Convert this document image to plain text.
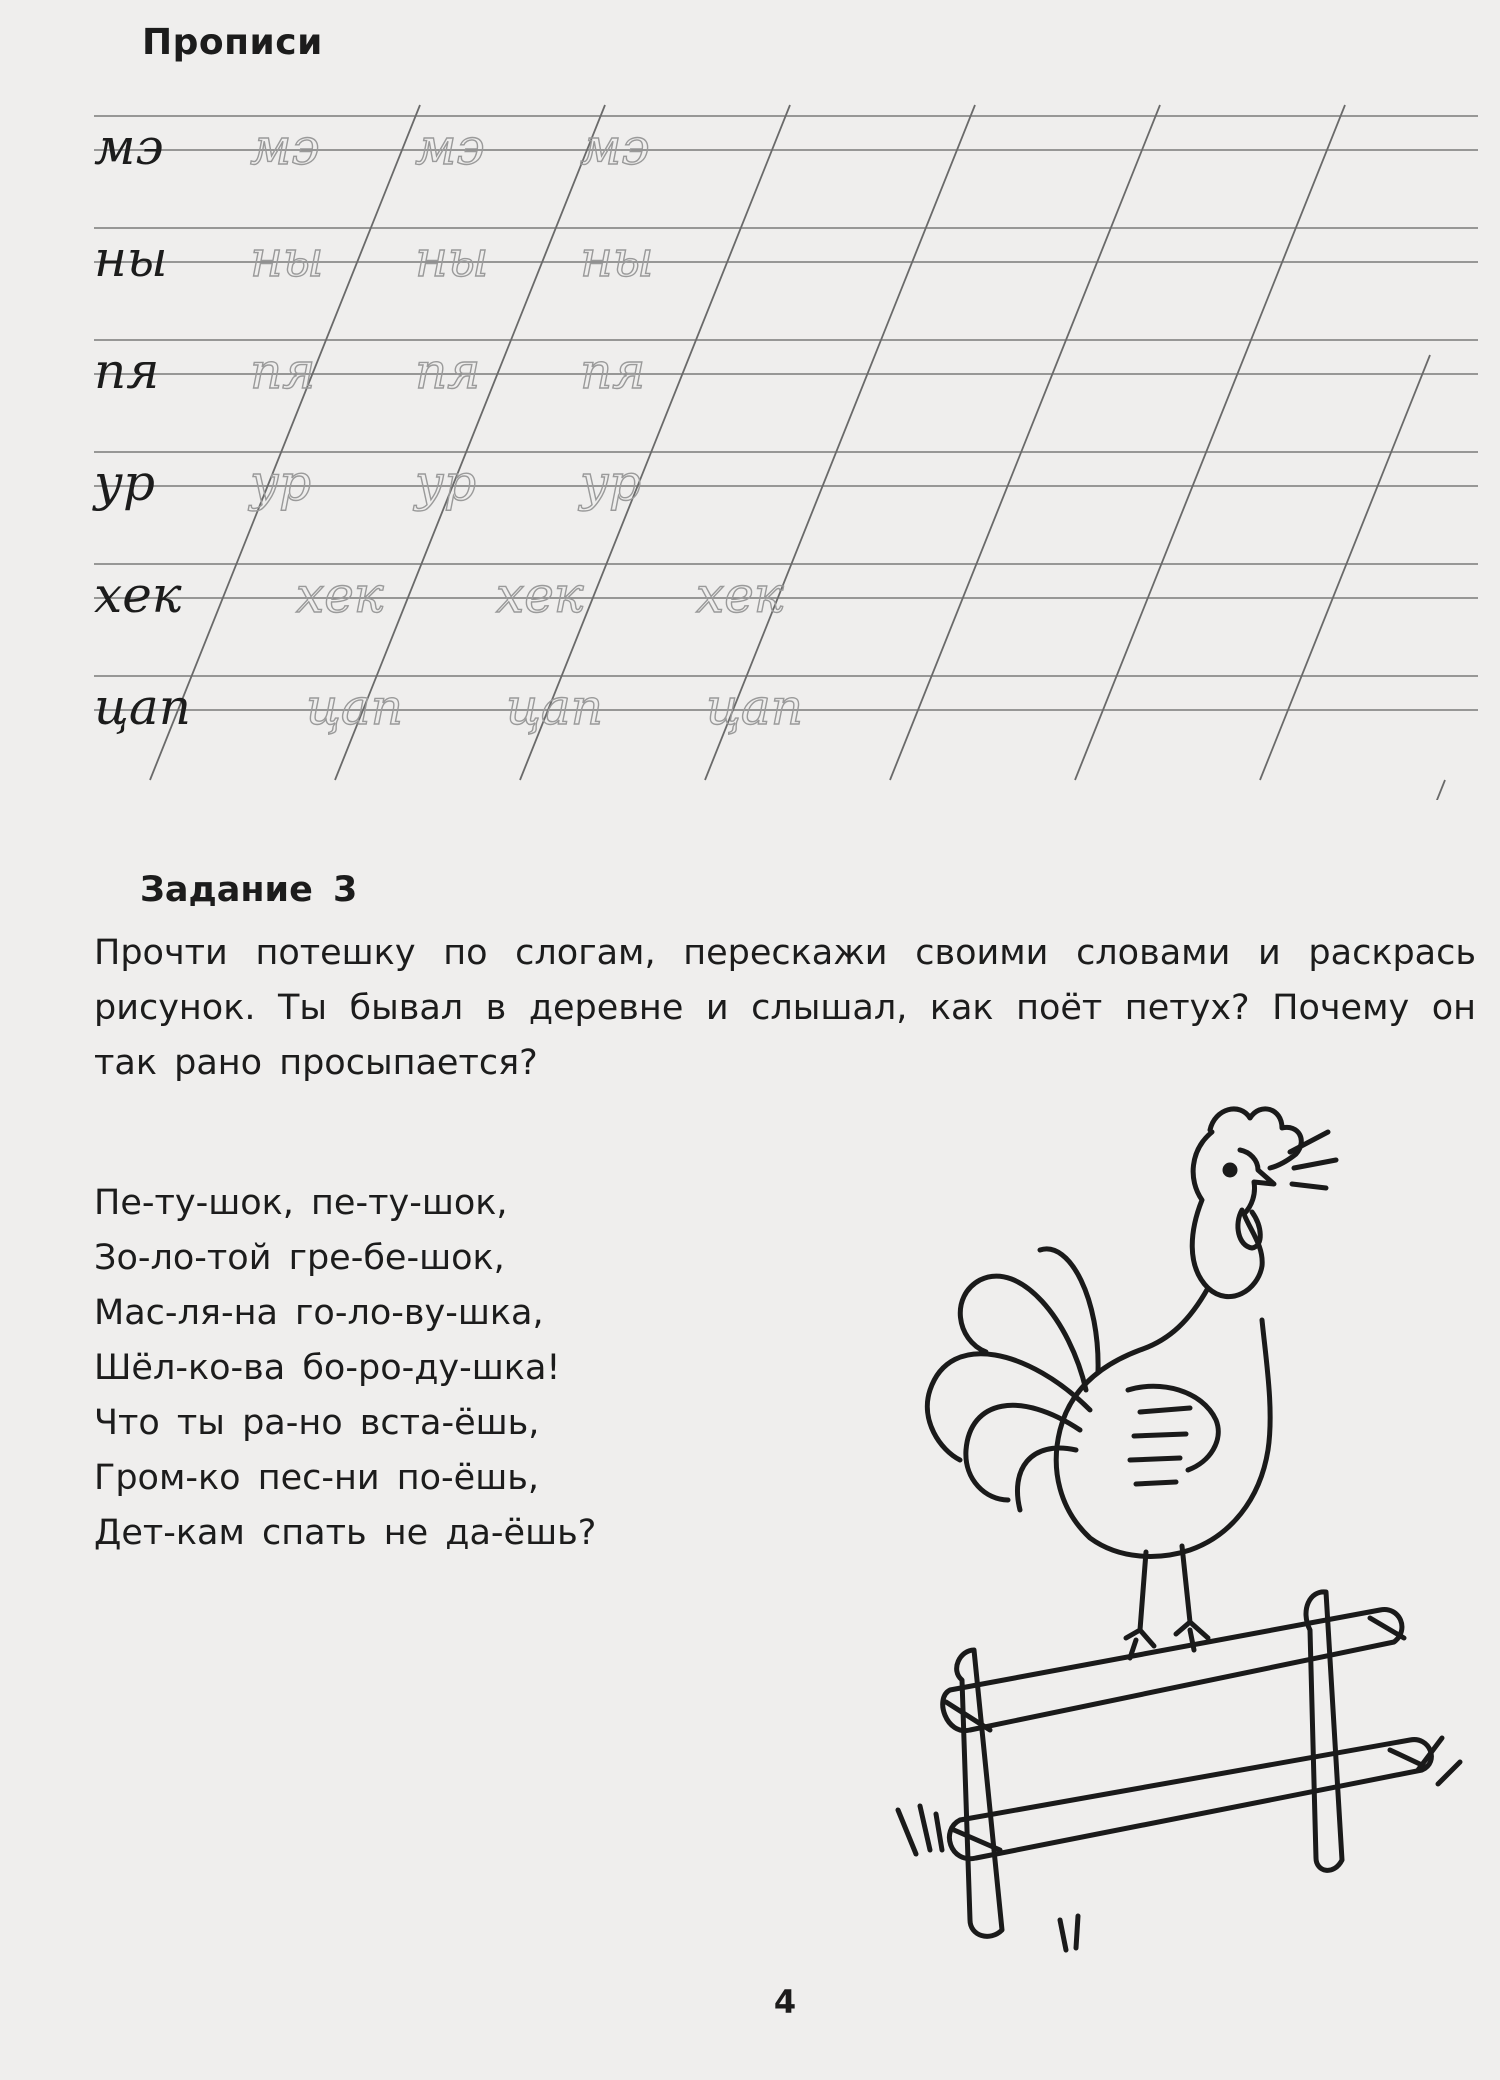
Прописи
мэ мэ мэ мэ
ны ны ны ны
пя пя пя пя
ур ур ур ур
хек хек хек хек
цап цап цап цап
Задание 3
Прочти потешку по слогам, перескажи своими словами и раскрась рисунок. Ты бывал в деревне и слышал, как поёт петух? Почему он так рано просыпается?
Пе-ту-шок, пе-ту-шок,
Зо-ло-той гре-бе-шок,
Мас-ля-на го-ло-ву-шка,
Шёл-ко-ва бо-ро-ду-шка!
Что ты ра-но вста-ёшь,
Гром-ко пес-ни по-ёшь,
Дет-кам спать не да-ёшь?
4
